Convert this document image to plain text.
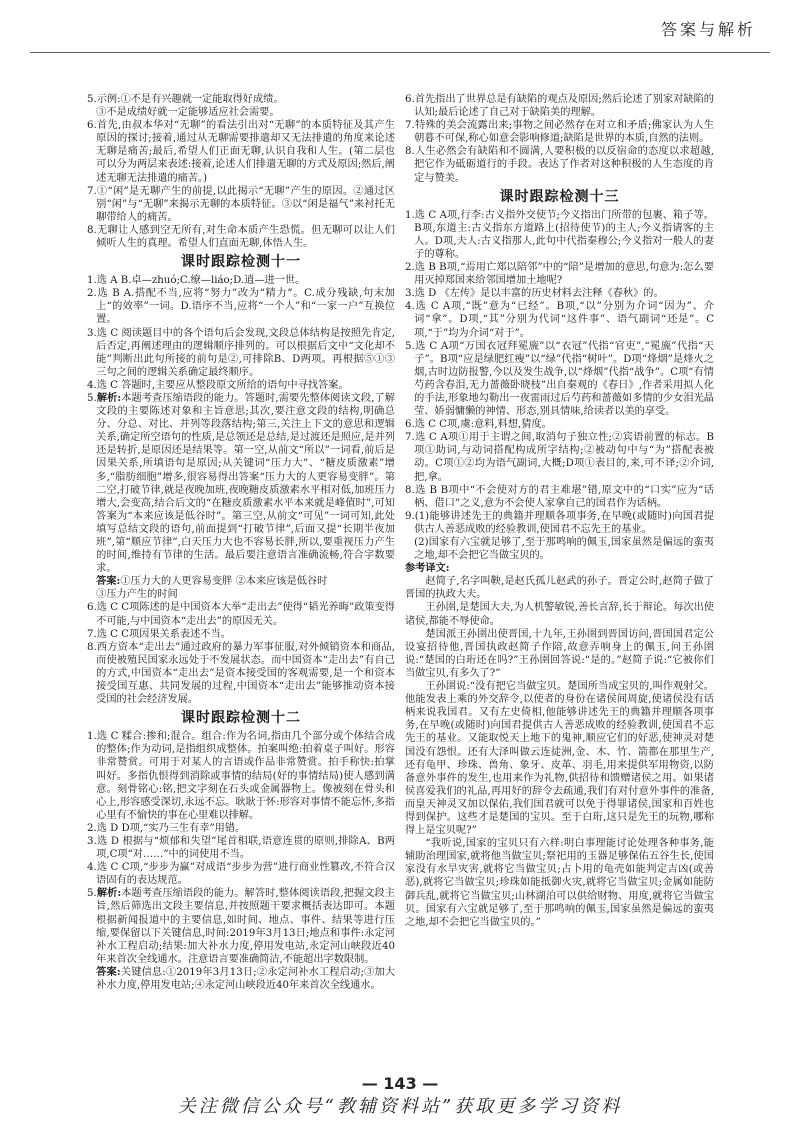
答案与解析

5.示例:①不是有兴趣就一定能取得好成绩。

③不是成绩好就一定能够适应社会需要。

6.首先,由叔本华对“无聊”的看法引出对“无聊”的本质特征及其产生原因的探讨;接着,通过从无聊需要排遣却又无法排遣的角度来论述无聊是痛苦;最后,希望人们正面无聊,认识自我和人生。(第二层也可以分为两层来表述:接着,论述人们排遣无聊的方式及原因;然后,阐述无聊无法排遣的痛苦。)

7.①“闲”是无聊产生的前提,以此揭示“无聊”产生的原因。②通过区别“闲”与“无聊”来揭示无聊的本质特征。③以“闲是福气”来衬托无聊带给人的痛苦。

8.无聊让人感到空无所有,对生命本质产生恐慌。但无聊可以让人们倾听人生的真理。希望人们直面无聊,体悟人生。

课时跟踪检测十一

1.选 A B.卓—zhuó;C.缭—liáo;D.逍—进一世。

2.选 B A.搭配不当,应将“努力”改为“精力”。C.成分残缺,句末加上“的效率”一词。D.语序不当,应将“一个人”和“一家一户”互换位置。

3.选 C 阅读题目中的各个语句后会发现,文段总体结构是按照先肯定,后否定,再阐述理由的逻辑顺序排列的。可以根据后文中“文化却不能”判断出此句所接的前句是②,可排除B、D两项。再根据⑤①③三句之间的逻辑关系确定最终顺序。

4.选 C 答题时,主要应从整段原文所给的语句中寻找答案。

5.解析:本题考查压缩语段的能力。答题时,需要先整体阅读文段,了解文段的主要陈述对象和主旨意思;其次,要注意文段的结构,明确总分、分总、对比、并列等段落结构;第三,关注上下文的意思和逻辑关系,确定所空语句的性质,是总领还是总结,是过渡还是照应,是并列还是转折,是原因还是结果等。第一空,从前文“所以”一词看,前后是因果关系,所填语句是原因;从关键词“压力大”、“糖皮质激素”增多,“脂肪细胞”增多,很容易得出答案“压力大的人更容易变胖”。第二空,打破节律,就是夜晚加班,夜晚糖皮质激素水平相对低,加班压力增大,会变高,结合后文的“在糖皮质激素水平本来就是峰值时”,可知答案为“本来应该是低谷时”。第三空,从前文“可见”一词可知,此处填写总结文段的语句,前面提到“打破节律”,后面又提“长期半夜加班”,第“顺应节律”,白天压力大也不容易长胖,所以,要重视压力产生的时间,维持有节律的生活。最后要注意语言准确流畅,符合字数要求。

答案:①压力大的人更容易变胖 ②本来应该是低谷时

③压力产生的时间

6.选 C C项陈述的是中国资本大举“走出去”使得“韬光养晦”政策变得不可能,与中国资本“走出去”的原因无关。

7.选 C C项因果关系表述不当。

8.西方资本“走出去”通过政府的暴力军事征服,对外倾销资本和商品,而使被殖民国家永远处于不发展状态。而中国资本“走出去”有自己的方式,中国资本“走出去”是资本接受国的客观需要,是一个和资本接受国互惠、共同发展的过程,中国资本“走出去”能够推动资本接受国的社会经济发展。

课时跟踪检测十二

1.选 C 糅合:掺和;混合。组合:作为名词,指由几个部分或个体结合成的整体;作为动词,是指组织成整体。拍案叫绝:拍着桌子叫好。形容非常赞赏。可用于对某人的言语或作品非常赞赏。拍手称快:拍掌叫好。多指仇恨得到消除或事情的结局(好的事情结局)使人感到满意。刻骨铭心:铭,把文字刻在石头或金属器物上。像被刻在骨头和心上,形容感受深切,永远不忘。耿耿于怀:形容对事情不能忘怀,多指心里有不愉快的事在心里难以排解。

2.选 D D项,“实乃三生有幸”用错。

3.选 D 根据与“烦郁和失望”尾首相联,语意连贯的原则,排除A、B两项,C项“对……”中的词使用不当。

4.选 C C项,“步步为赢”对成语“步步为营”进行商业性篡改,不符合汉语固有的表达规范。

5.解析:本题考查压缩语段的能力。解答时,整体阅读语段,把握文段主旨,然后筛选出文段主要信息,并按照题干要求概括表达即可。本题根据新闻报道中的主要信息,如时间、地点、事件、结果等进行压缩,要保留以下关键信息,时间:2019年3月13日;地点和事件:永定河补水工程启动;结果:加大补水力度,停用发电站,永定河山峡段近40年来首次全线通水。注意语言要准确简洁,不能超出字数限制。

答案:关键信息:①2019年3月13日;②永定河补水工程启动;③加大补水力度,停用发电站;④永定河山峡段近40年来首次全线通水。

6.首先指出了世界总是有缺陷的观点及原因;然后论述了别家对缺陷的认知;最后论述了自己对于缺陷美的理解。

7.特殊的美会流露出来;事物之间必然存在对立和矛盾;佛家认为人生朝暮不可保,称心如意会影响修道;缺陷是世界的本质,自然的法则。

8.人生必然会有缺陷和不圆满,人要积极的以反宿命的态度以求超越,把它作为砥砺道行的手段。表达了作者对这种积极的人生态度的肯定与赞美。

课时跟踪检测十三

1.选 C A项,行李:古义指外交使节;今义指出门所带的包裹、箱子等。B项,东道主:古义指东方道路上(招待使节)的主人;今义指请客的主人。D项,夫人:古义指那人,此句中代指秦穆公;今义指对一般人的妻子的尊称。

2.选 B B项,“焉用亡郑以陪邻”中的“陪”是增加的意思,句意为:怎么要用灭掉郑国来给邻国增加土地呢?

3.选 D 《左传》是以丰富的历史材料去注释《春秋》的。

4.选 C A项,“既”意为“已经”。B项,“以”分别为介词“因为”、介词“拿”。D项,“其”分别为代词“这件事”、语气副词“还是”。C项,“于”均为介词“对于”。

5.选 C A项“万国衣冠拜冕旒”以“衣冠”代指“官吏”,“冕旒”代指“天子”。B项“应是绿肥红瘦”以“绿”代指“树叶”。D项“烽烟”是烽火之烟,古时边防报警,今以及发生战争,以“烽烟”代指“战争”。C项“有情芍药含春泪,无力蔷薇卧晓枝”出自秦观的《春日》,作者采用拟人化的手法,形象地勾勒出一夜雷雨过后芍药和蔷薇如多情的少女泪光晶莹、娇弱慵懒的神情、形态,别具情味,给读者以美的享受。

6.选 C C项,虞:意料,料想,猜度。

7.选 C A项①用于主谓之间,取消句子独立性;②宾语前置的标志。B项①助词,与动词搭配构成所字结构;②被动句中与“为”搭配表被动。C项①②均为语气副词,大概;D项①表目的,来,可不译;②介词,把,拿。

8.选 B B项中“不会使对方的君主难堪”错,原文中的“口实”应为“话柄、借口”之义,意为不会使人家拿自己的国君作为话柄。

9.(1)能够讲述先王的典籍并理顺各项事务,在早晚(或随时)向国君提供古人善恶成败的经验教训,使国君不忘先王的基业。

(2)国家有六宝就足够了,至于那鸣响的佩玉,国家虽然是偏远的蛮夷之地,却不会把它当做宝贝的。

参考译文:

赵简子,名字叫鞅,是赵氏孤儿赵武的孙子。晋定公时,赵简子做了晋国的执政大夫。

王孙圉,是楚国大夫,为人机警敏锐,善长言辞,长于辩论。每次出使诸侯,都能不辱使命。

楚国派王孙圉出使晋国,十九年,王孙圉到晋国访问,晋国国君定公设宴招待他,晋国执政赵简子作陪,故意弄响身上的佩玉,问王孙圉说:“楚国的白珩还在吗?”王孙圉回答说:“是的。”赵简子说:“它被你们当做宝贝,有多久了?”

王孙圉说:“没有把它当做宝贝。楚国所当成宝贝的,叫作观射父。他能发表上乘的外交辞令,以使者的身份在诸侯间周旋,使诸侯没有话柄来说我国君。又有左史倚相,他能够讲述先王的典籍并理顺各项事务,在早晚(或随时)向国君提供古人善恶成败的经验教训,使国君不忘先王的基业。又能取悦天上地下的鬼神,顺应它们的好恶,使神灵对楚国没有怨恨。还有大泽叫做云连徒洲,金、木、竹、箭都在那里生产,还有龟甲、珍珠、兽角、象牙、皮革、羽毛,用来提供军用物资,以防备意外事件的发生,也用来作为礼物,供招待和馈赠诸侯之用。如果诸侯喜爱我们的礼品,再用好的辞令去疏通,我们有对付意外事件的准备,而皇天神灵又加以保佑,我们国君就可以免于得罪诸侯,国家和百姓也得到保护。这些才是楚国的宝贝。至于白珩,这只是先王的玩物,哪称得上是宝贝呢?”

“我听说,国家的宝贝只有六样:明白事理能讨论处理各种事务,能辅助治理国家,就将他当做宝贝;祭祀用的玉器足够保佑五谷生长,使国家没有水旱灾害,就将它当做宝贝;占卜用的龟壳如能判定吉凶(或善恶),就将它当做宝贝;珍珠如能抵御火灾,就将它当做宝贝;金属如能防御兵乱,就将它当做宝贝;山林湖泊可以供给财物、用度,就将它当做宝贝。国家有六宝就足够了,至于那鸣响的佩玉,国家虽然是偏远的蛮夷之地,却不会把它当做宝贝的。”

— 143 —
关注微信公众号“教辅资料站”获取更多学习资料
